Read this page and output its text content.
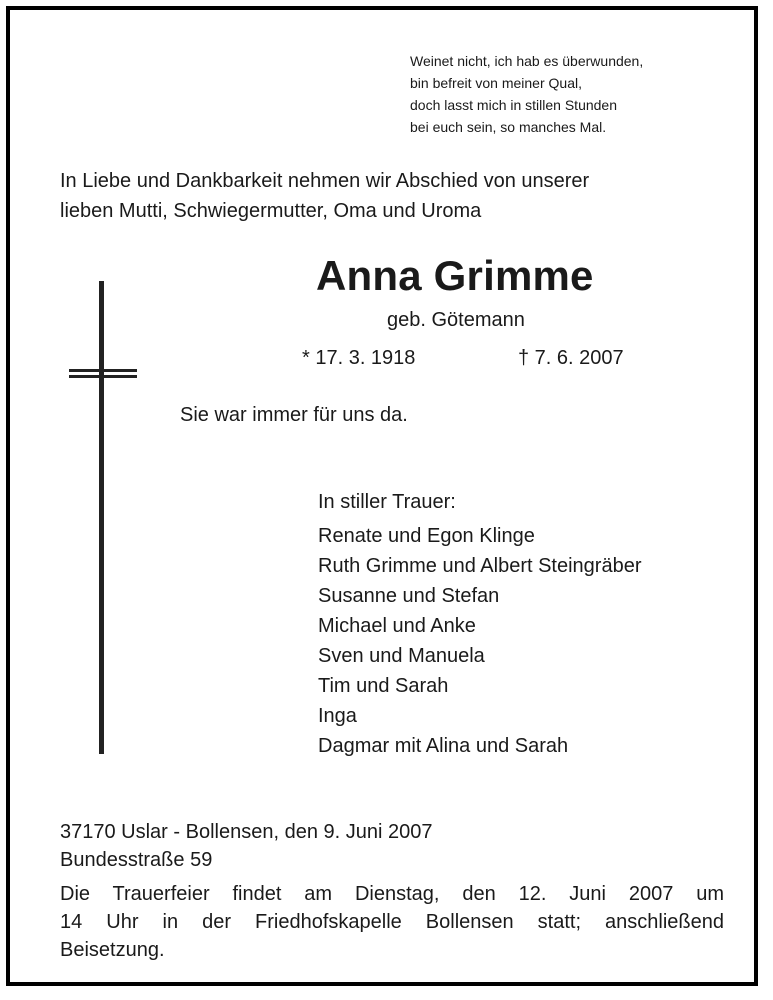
Weinet nicht, ich hab es überwunden,
bin befreit von meiner Qual,
doch lasst mich in stillen Stunden
bei euch sein, so manches Mal.
In Liebe und Dankbarkeit nehmen wir Abschied von unserer
lieben Mutti, Schwiegermutter, Oma und Uroma
Anna Grimme
geb. Götemann
* 17. 3. 1918	† 7. 6. 2007
Sie war immer für uns da.
In stiller Trauer:
Renate und Egon Klinge
Ruth Grimme und Albert Steingräber
Susanne und Stefan
Michael und Anke
Sven und Manuela
Tim und Sarah
Inga
Dagmar mit Alina und Sarah
37170 Uslar - Bollensen, den 9. Juni 2007
Bundesstraße 59
Die Trauerfeier findet am Dienstag, den 12. Juni 2007 um
14 Uhr in der Friedhofskapelle Bollensen statt; anschließend
Beisetzung.
